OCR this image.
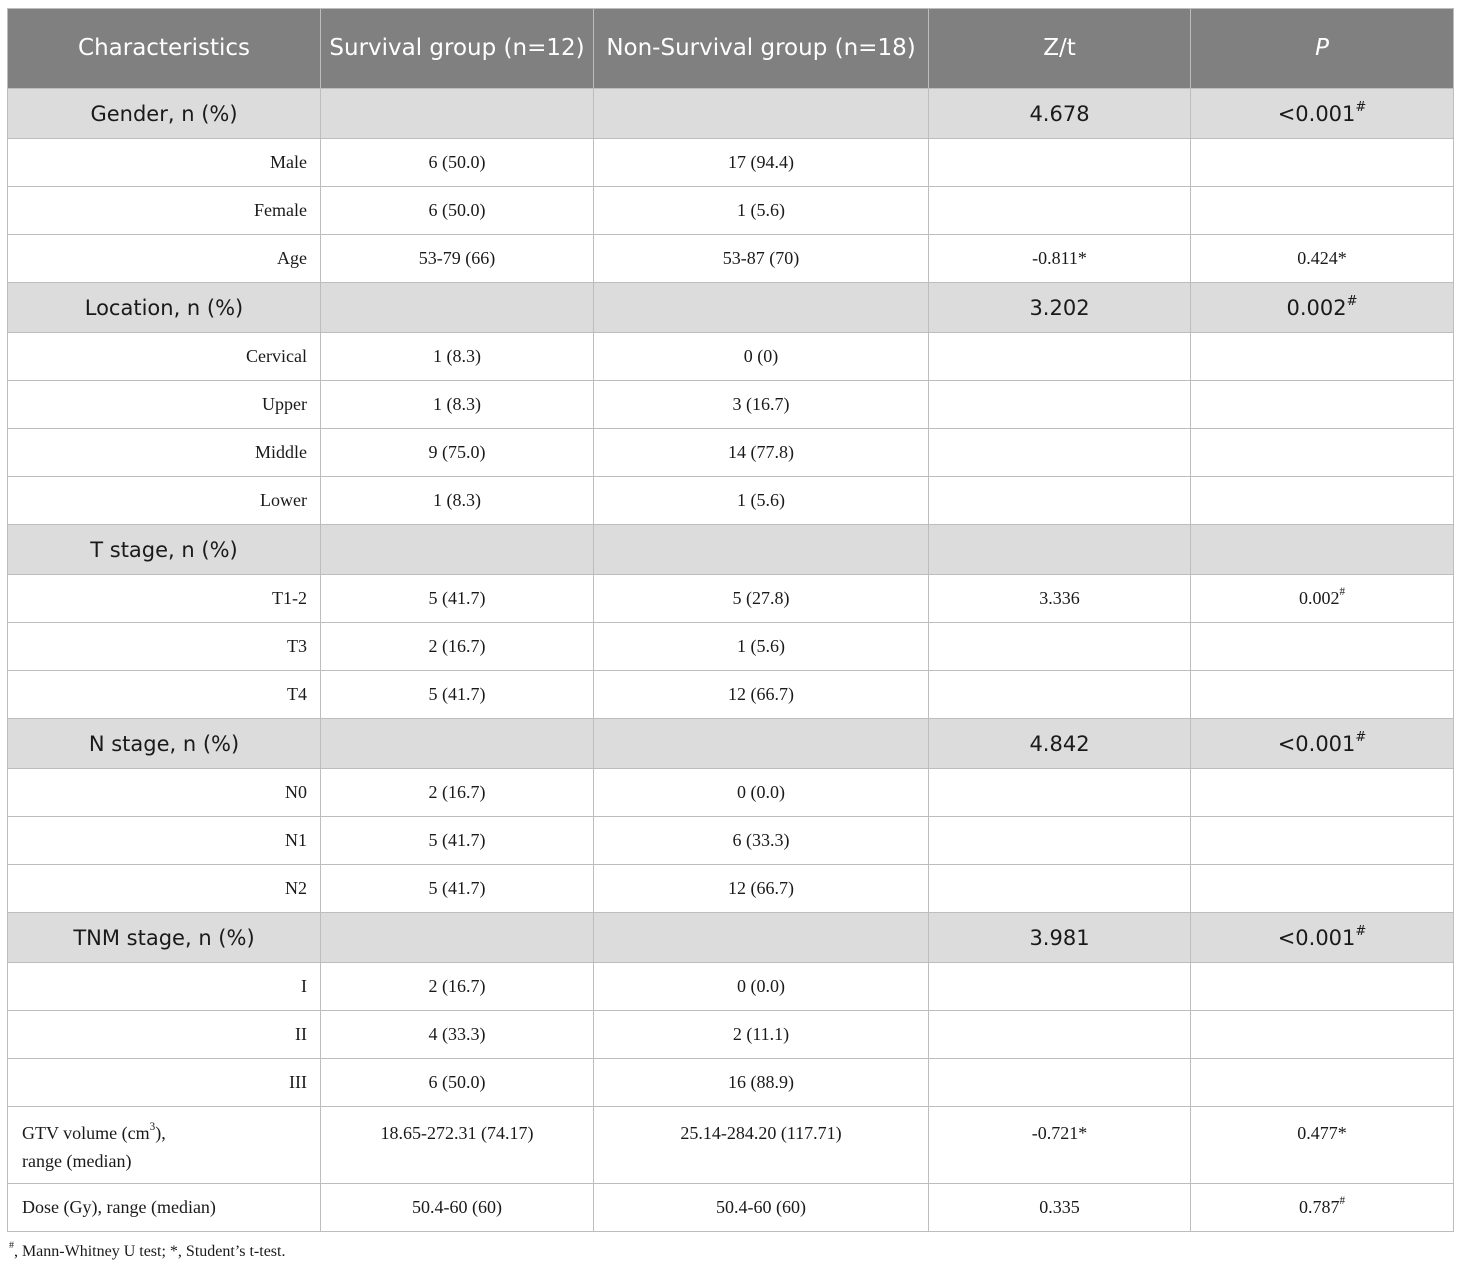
Characteristics	Survival group (n=12)	Non-Survival group (n=18)	Z/t	P
Gender, n (%)			4.678	<0.001#
Male	6 (50.0)	17 (94.4)		
Female	6 (50.0)	1 (5.6)		
Age	53-79 (66)	53-87 (70)	-0.811*	0.424*
Location, n (%)			3.202	0.002#
Cervical	1 (8.3)	0 (0)		
Upper	1 (8.3)	3 (16.7)		
Middle	9 (75.0)	14 (77.8)		
Lower	1 (8.3)	1 (5.6)		
T stage, n (%)				
T1-2	5 (41.7)	5 (27.8)	3.336	0.002#
T3	2 (16.7)	1 (5.6)		
T4	5 (41.7)	12 (66.7)		
N stage, n (%)			4.842	<0.001#
N0	2 (16.7)	0 (0.0)		
N1	5 (41.7)	6 (33.3)		
N2	5 (41.7)	12 (66.7)		
TNM stage, n (%)			3.981	<0.001#
I	2 (16.7)	0 (0.0)		
II	4 (33.3)	2 (11.1)		
III	6 (50.0)	16 (88.9)		
GTV volume $(cm^3)$,
range (median)	18.65-272.31 (74.17)	25.14-284.20 (117.71)	-0.721*	0.477*
Dose (Gy), range (median)	50.4-60 (60)	50.4-60 (60)	0.335	0.787#
#, Mann-Whitney U test; *, Student’s t-test.
